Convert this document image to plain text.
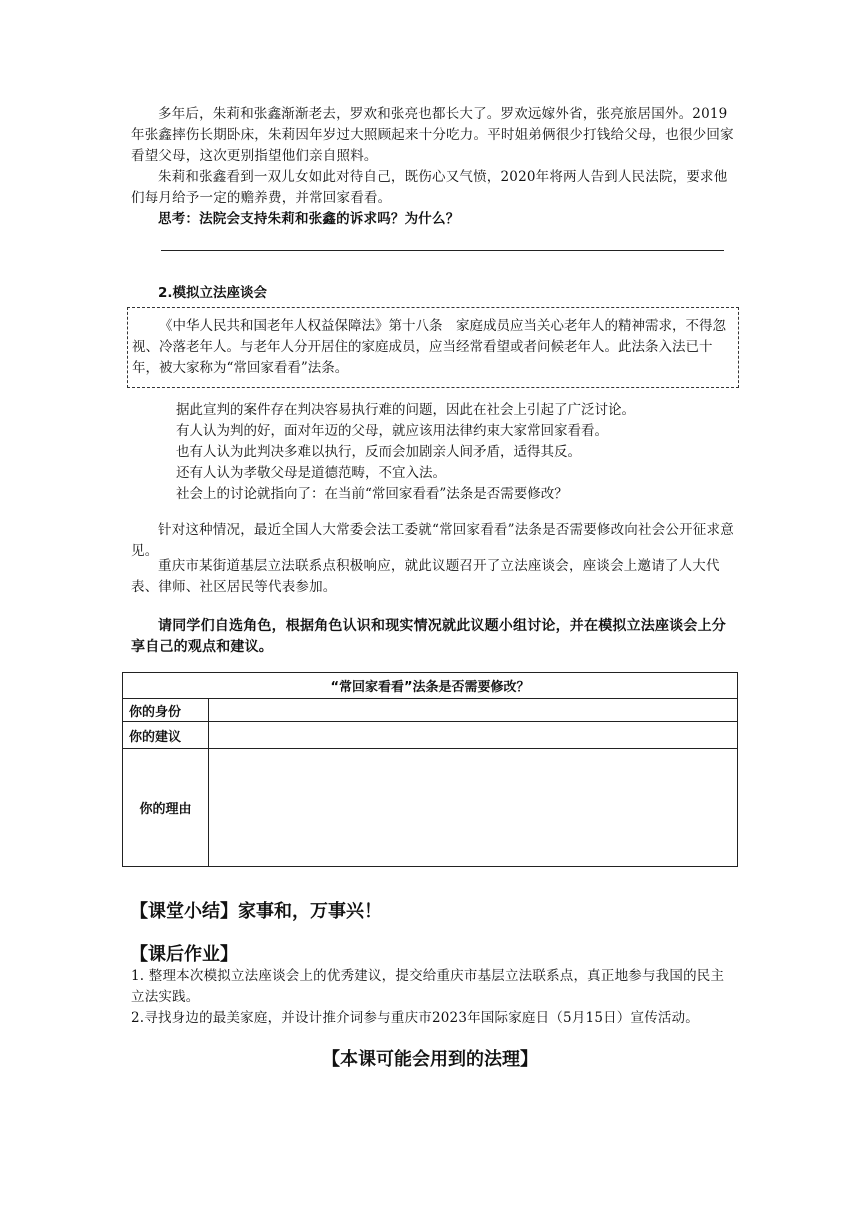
多年后，朱莉和张鑫渐渐老去，罗欢和张亮也都长大了。罗欢远嫁外省，张亮旅居国外。2019年张鑫摔伤长期卧床，朱莉因年岁过大照顾起来十分吃力。平时姐弟俩很少打钱给父母，也很少回家看望父母，这次更别指望他们亲自照料。

朱莉和张鑫看到一双儿女如此对待自己，既伤心又气愤，2020年将两人告到人民法院，要求他们每月给予一定的赡养费，并常回家看看。

思考：法院会支持朱莉和张鑫的诉求吗？为什么？

2.模拟立法座谈会

《中华人民共和国老年人权益保障法》第十八条　家庭成员应当关心老年人的精神需求，不得忽视、冷落老年人。与老年人分开居住的家庭成员，应当经常看望或者问候老年人。此法条入法已十年，被大家称为“常回家看看”法条。

据此宣判的案件存在判决容易执行难的问题，因此在社会上引起了广泛讨论。
有人认为判的好，面对年迈的父母，就应该用法律约束大家常回家看看。
也有人认为此判决多难以执行，反而会加剧亲人间矛盾，适得其反。
还有人认为孝敬父母是道德范畴，不宜入法。
社会上的讨论就指向了：在当前“常回家看看”法条是否需要修改？

针对这种情况，最近全国人大常委会法工委就“常回家看看”法条是否需要修改向社会公开征求意见。

重庆市某街道基层立法联系点积极响应，就此议题召开了立法座谈会，座谈会上邀请了人大代表、律师、社区居民等代表参加。

请同学们自选角色，根据角色认识和现实情况就此议题小组讨论，并在模拟立法座谈会上分享自己的观点和建议。

“常回家看看”法条是否需要修改？	
你的身份	
你的建议	
你的理由	
【课堂小结】家事和，万事兴！
【课后作业】

1. 整理本次模拟立法座谈会上的优秀建议，提交给重庆市基层立法联系点，真正地参与我国的民主立法实践。

2.寻找身边的最美家庭，并设计推介词参与重庆市2023年国际家庭日（5月15日）宣传活动。

【本课可能会用到的法理】
